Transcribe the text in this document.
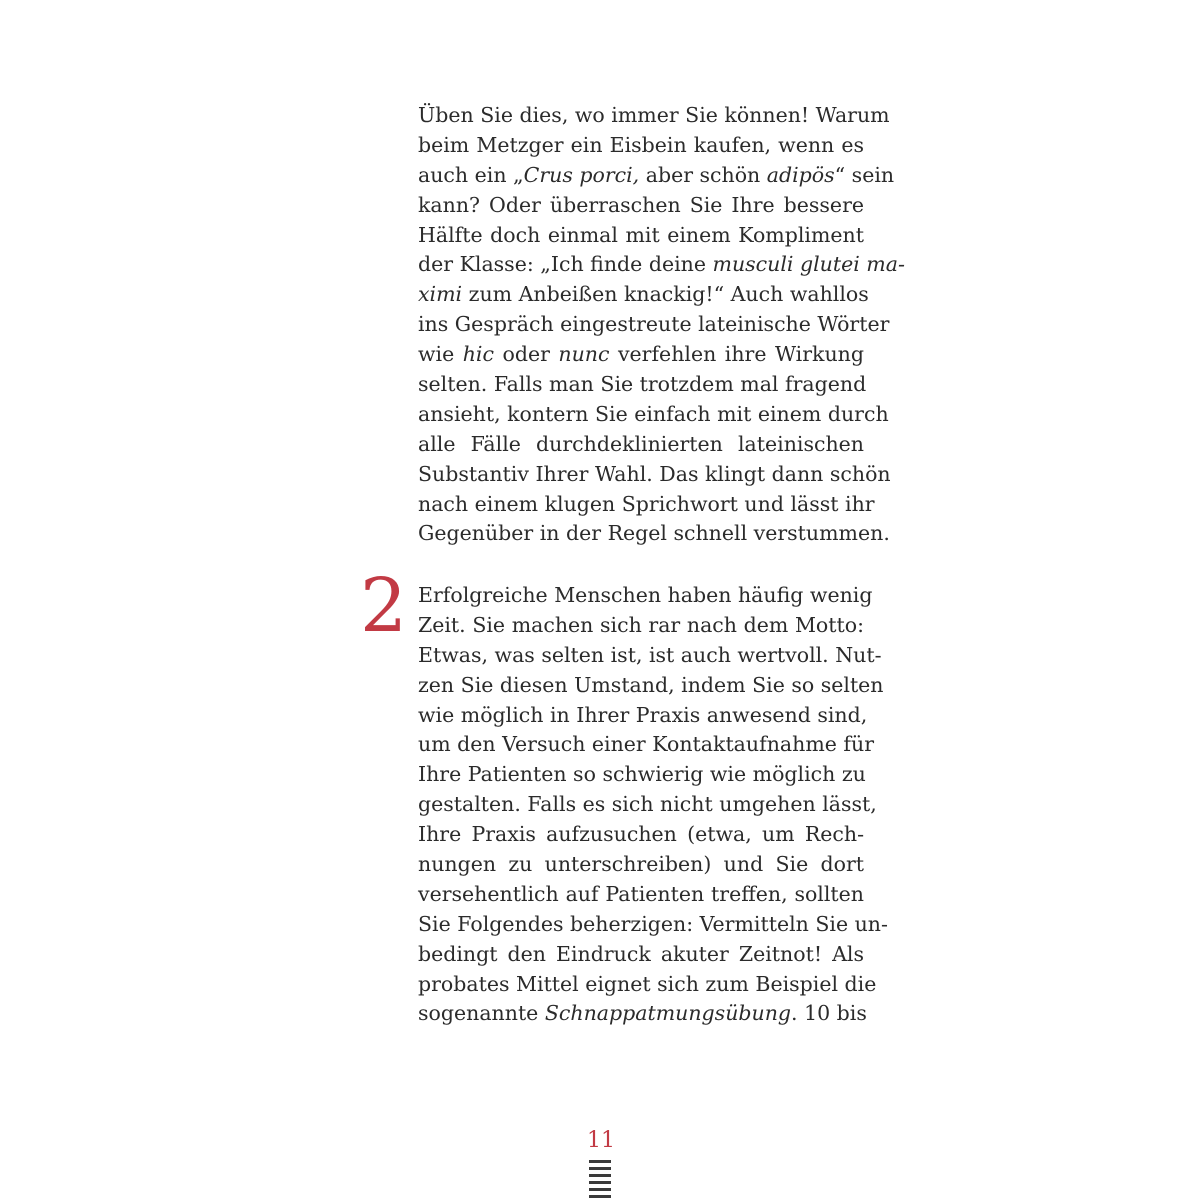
Üben Sie dies, wo immer Sie können! Warum
beim Metzger ein Eisbein kaufen, wenn es
auch ein „Crus porci, aber schön adipös“ sein
kann? Oder überraschen Sie Ihre bessere
Hälfte doch einmal mit einem Kompliment
der Klasse: „Ich finde deine musculi glutei ma-
ximi zum Anbeißen knackig!“ Auch wahllos
ins Gespräch eingestreute lateinische Wörter
wie hic oder nunc verfehlen ihre Wirkung
selten. Falls man Sie trotzdem mal fragend
ansieht, kontern Sie einfach mit einem durch
alle Fälle durchdeklinierten lateinischen
Substantiv Ihrer Wahl. Das klingt dann schön
nach einem klugen Sprichwort und lässt ihr
Gegenüber in der Regel schnell verstummen.
2 Erfolgreiche Menschen haben häufig wenig
Zeit. Sie machen sich rar nach dem Motto:
Etwas, was selten ist, ist auch wertvoll. Nut-
zen Sie diesen Umstand, indem Sie so selten
wie möglich in Ihrer Praxis anwesend sind,
um den Versuch einer Kontaktaufnahme für
Ihre Patienten so schwierig wie möglich zu
gestalten. Falls es sich nicht umgehen lässt,
Ihre Praxis aufzusuchen (etwa, um Rech-
nungen zu unterschreiben) und Sie dort
versehentlich auf Patienten treffen, sollten
Sie Folgendes beherzigen: Vermitteln Sie un-
bedingt den Eindruck akuter Zeitnot! Als
probates Mittel eignet sich zum Beispiel die
sogenannte Schnappatmungsübung. 10 bis
11
